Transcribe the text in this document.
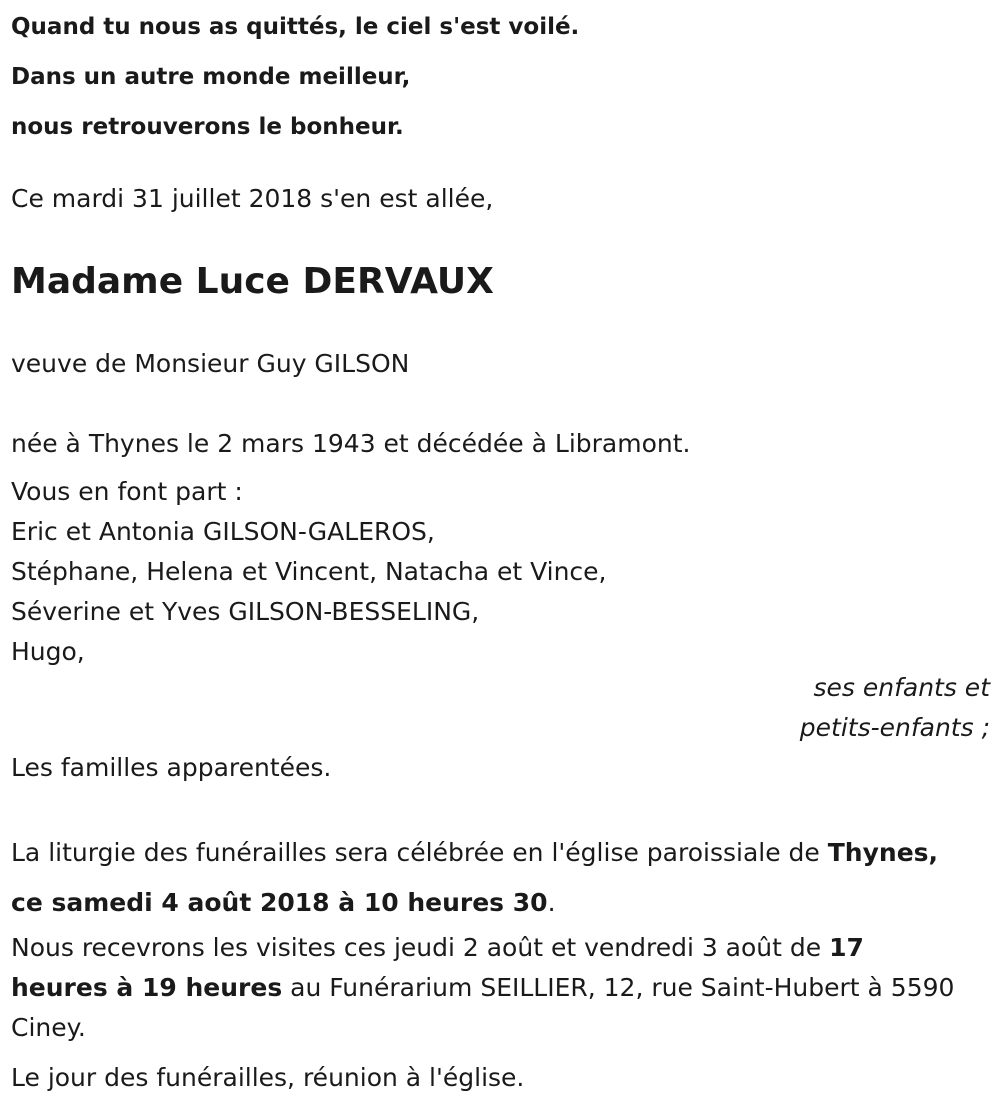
Quand tu nous as quittés, le ciel s'est voilé.

Dans un autre monde meilleur,

nous retrouverons le bonheur.

Ce mardi 31 juillet 2018 s'en est allée,

Madame Luce DERVAUX

veuve de Monsieur Guy GILSON

née à Thynes le 2 mars 1943 et décédée à Libramont.

Vous en font part :

Eric et Antonia GILSON-GALEROS,

Stéphane, Helena et Vincent, Natacha et Vince,

Séverine et Yves GILSON-BESSELING,

Hugo,

ses enfants et

petits-enfants ;

Les familles apparentées.

La liturgie des funérailles sera célébrée en l'église paroissiale de Thynes,
ce samedi 4 août 2018 à 10 heures 30.

Nous recevrons les visites ces jeudi 2 août et vendredi 3 août de 17

heures à 19 heures au Funérarium SEILLIER, 12, rue Saint-Hubert à 5590

Ciney.

Le jour des funérailles, réunion à l'église.
